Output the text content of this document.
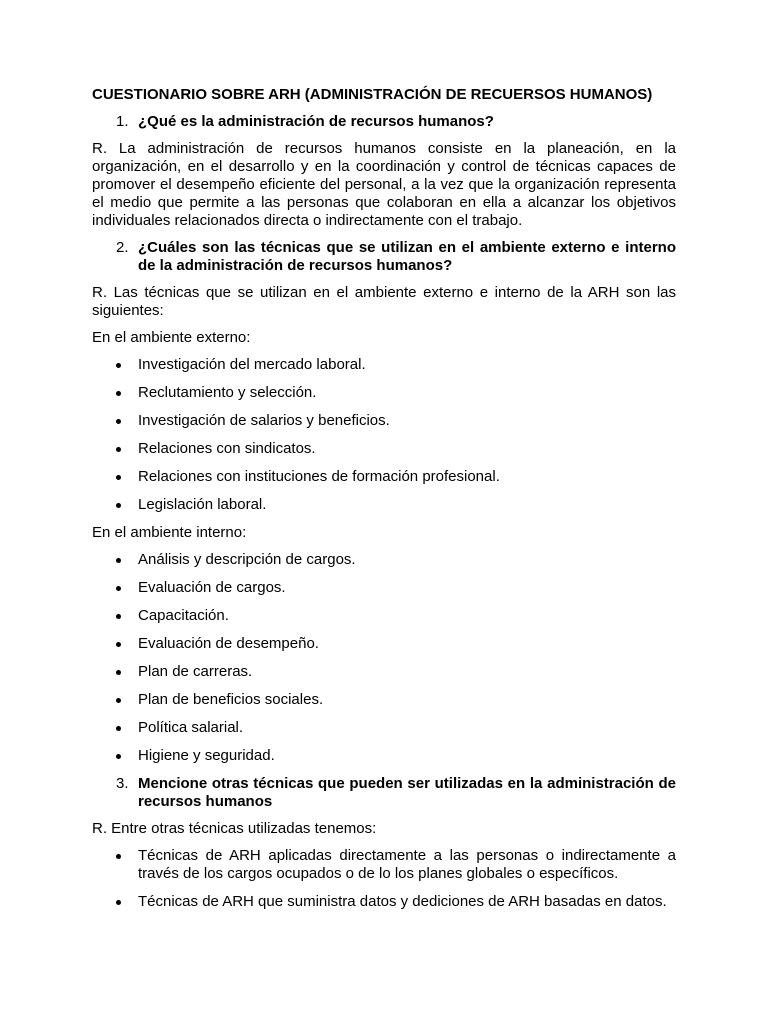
CUESTIONARIO SOBRE ARH (ADMINISTRACIÓN DE RECUERSOS HUMANOS)
1. ¿Qué es la administración de recursos humanos?
R. La administración de recursos humanos consiste en la planeación, en la organización, en el desarrollo y en la coordinación y control de técnicas capaces de promover el desempeño eficiente del personal, a la vez que la organización representa el medio que permite a las personas que colaboran en ella a alcanzar los objetivos individuales relacionados directa o indirectamente con el trabajo.
2. ¿Cuáles son las técnicas que se utilizan en el ambiente externo e interno de la administración de recursos humanos?
R. Las técnicas que se utilizan en el ambiente externo e interno de la ARH son las siguientes:
En el ambiente externo:
Investigación del mercado laboral.
Reclutamiento y selección.
Investigación de salarios y beneficios.
Relaciones con sindicatos.
Relaciones con instituciones de formación profesional.
Legislación laboral.
En el ambiente interno:
Análisis y descripción de cargos.
Evaluación de cargos.
Capacitación.
Evaluación de desempeño.
Plan de carreras.
Plan de beneficios sociales.
Política salarial.
Higiene y seguridad.
3. Mencione otras técnicas que pueden ser utilizadas en la administración de recursos humanos
R. Entre otras técnicas utilizadas tenemos:
Técnicas de ARH aplicadas directamente a las personas o indirectamente a través de los cargos ocupados o de lo los planes globales o específicos.
Técnicas de ARH que suministra datos y dediciones de ARH basadas en datos.
